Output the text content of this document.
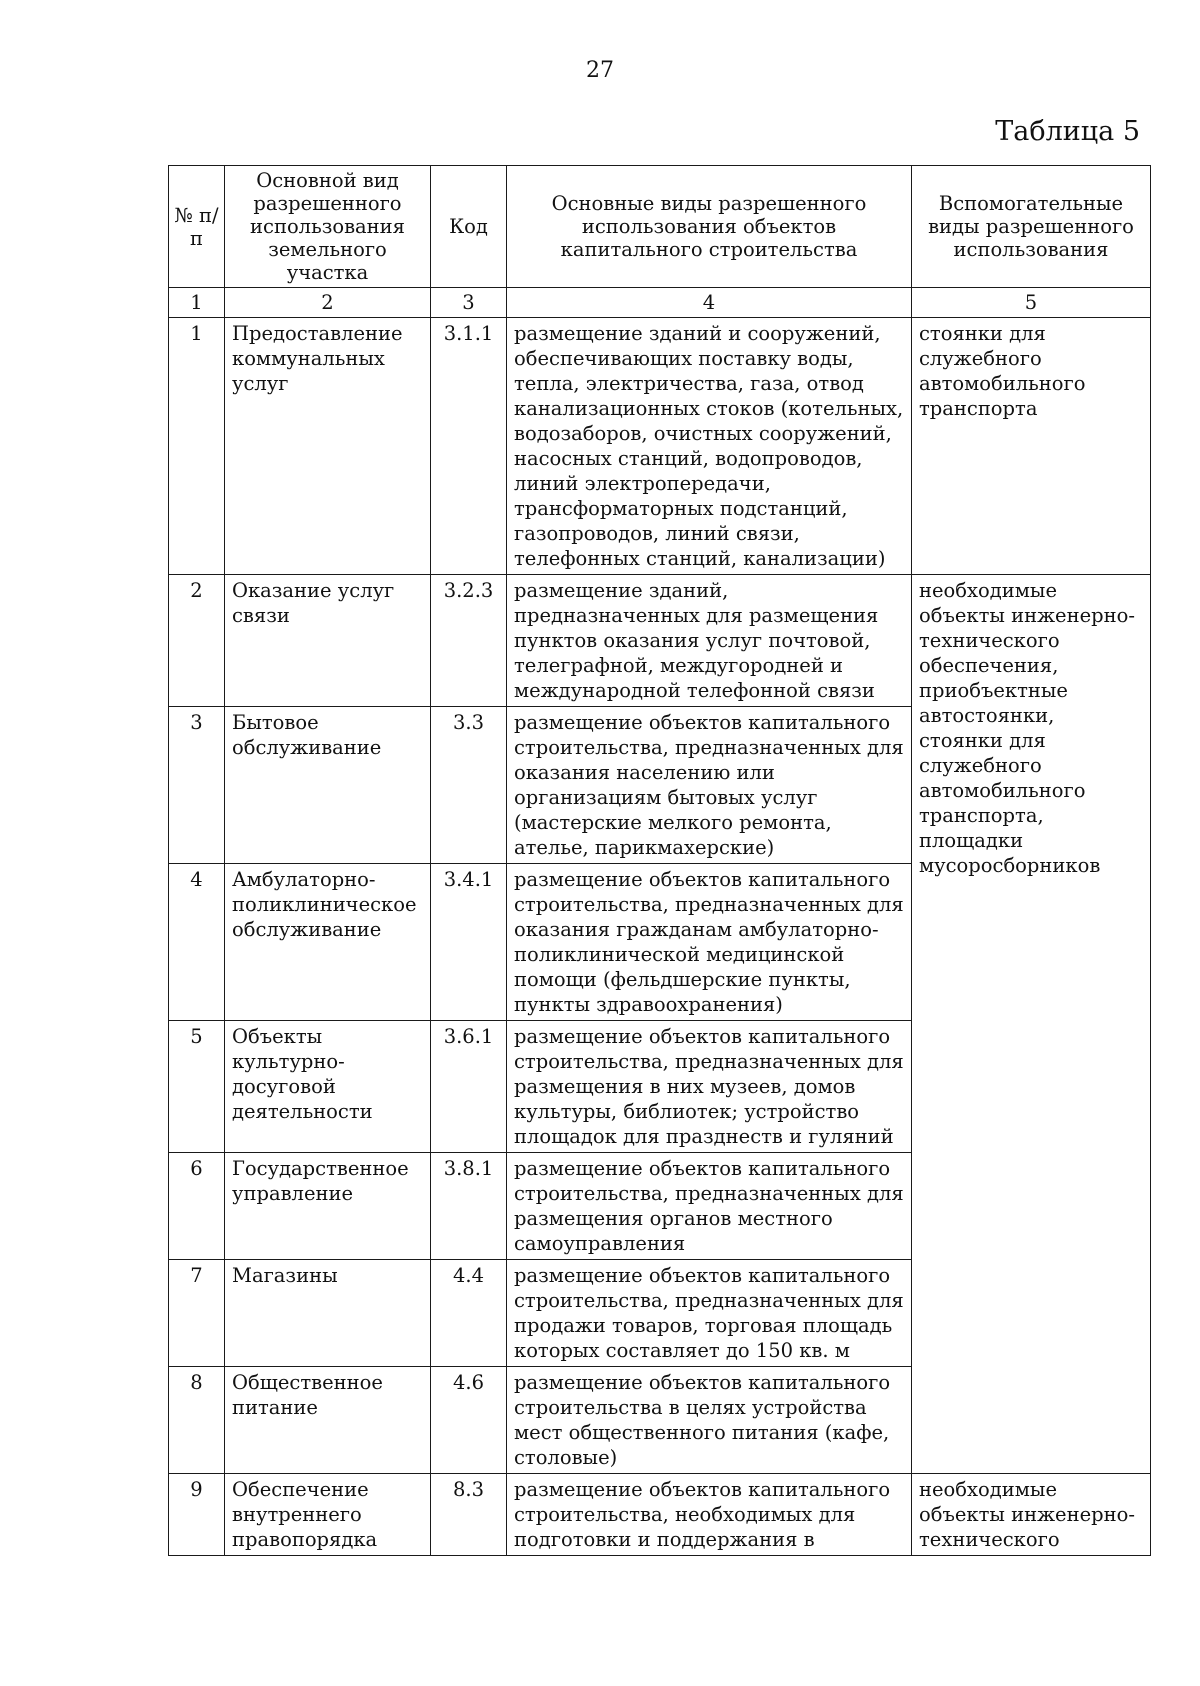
27
Таблица 5
№ п/п	Основной вид разрешенного использования земельного участка	Код	Основные виды разрешенного использования объектов капитального строительства	Вспомогательные виды разрешенного использования
1	2	3	4	5
1	Предоставление коммунальных услуг	3.1.1	размещение зданий и сооружений, обеспечивающих поставку воды, тепла, электричества, газа, отвод канализационных стоков (котельных, водозаборов, очистных сооружений, насосных станций, водопроводов, линий электропередачи, трансформаторных подстанций, газопроводов, линий связи, телефонных станций, канализации)	стоянки для служебного автомобильного транспорта
2	Оказание услуг связи	3.2.3	размещение зданий, предназначенных для размещения пунктов оказания услуг почтовой, телеграфной, междугородней и международной телефонной связи	необходимые объекты инженерно-технического обеспечения, приобъектные автостоянки, стоянки для служебного автомобильного транспорта, площадки мусоросборников
3	Бытовое обслуживание	3.3	размещение объектов капитального строительства, предназначенных для оказания населению или организациям бытовых услуг (мастерские мелкого ремонта, ателье, парикмахерские)	
4	Амбулаторно-поликлиническое обслуживание	3.4.1	размещение объектов капитального строительства, предназначенных для оказания гражданам амбулаторно-поликлинической медицинской помощи (фельдшерские пункты, пункты здравоохранения)	
5	Объекты культурно-досуговой деятельности	3.6.1	размещение объектов капитального строительства, предназначенных для размещения в них музеев, домов культуры, библиотек; устройство площадок для празднеств и гуляний	
6	Государственное управление	3.8.1	размещение объектов капитального строительства, предназначенных для размещения органов местного самоуправления	
7	Магазины	4.4	размещение объектов капитального строительства, предназначенных для продажи товаров, торговая площадь которых составляет до 150 кв. м	
8	Общественное питание	4.6	размещение объектов капитального строительства в целях устройства мест общественного питания (кафе, столовые)	
9	Обеспечение внутреннего правопорядка	8.3	размещение объектов капитального строительства, необходимых для подготовки и поддержания в	необходимые объекты инженерно-технического
